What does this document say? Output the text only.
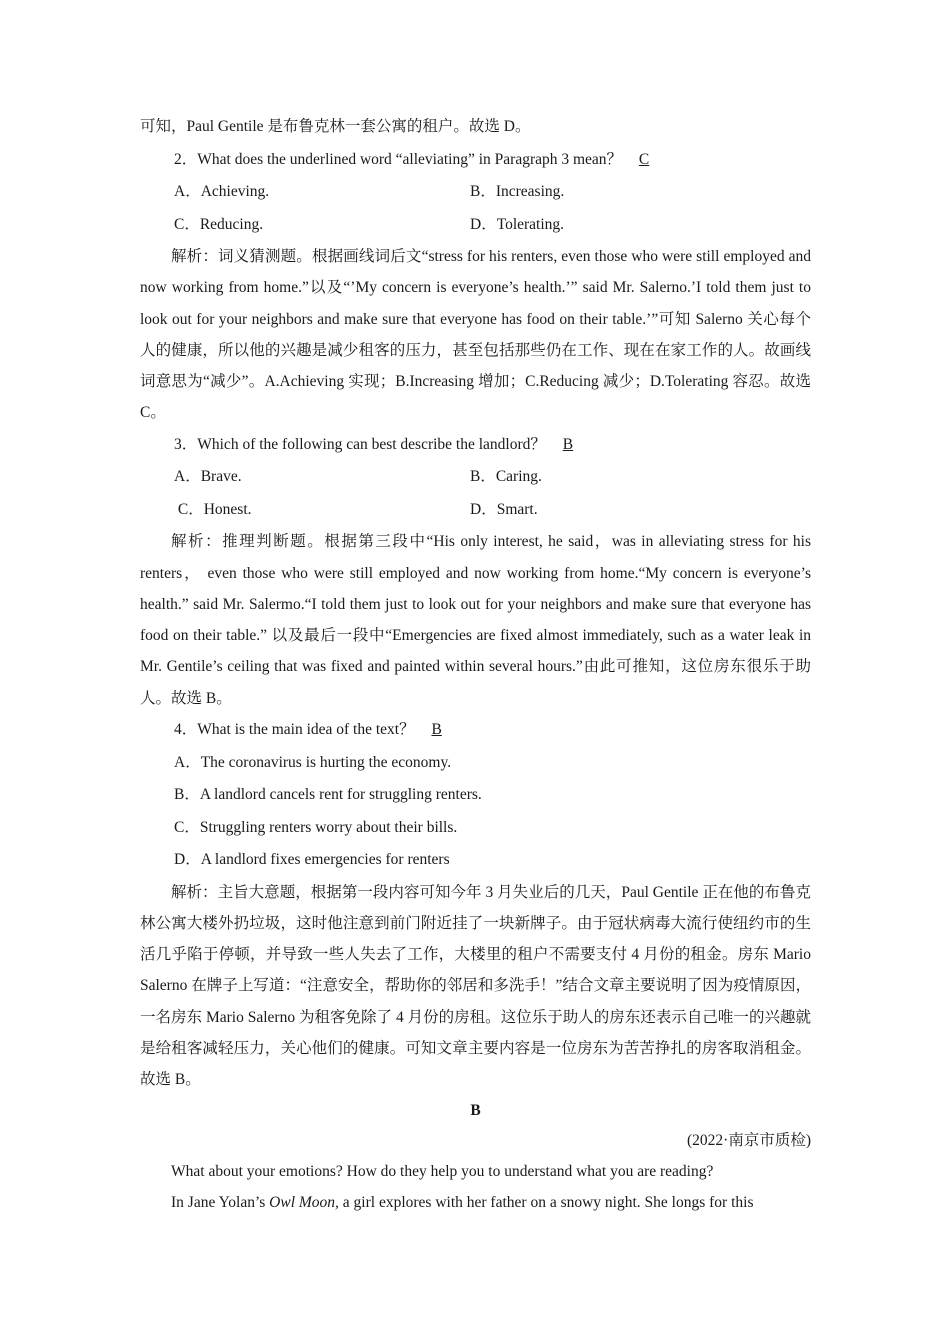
可知，Paul Gentile 是布鲁克林一套公寓的租户。故选 D。
2．What does the underlined word “alleviating” in Paragraph 3 mean？ C
A．Achieving.	B．Increasing.
C．Reducing.	D．Tolerating.

解析：词义猜测题。根据画线词后文“stress for his renters, even those who were still employed and now working from home.”以及“’My concern is everyone’s health.’” said Mr. Salerno.’I told them just to look out for your neighbors and make sure that everyone has food on their table.’”可知 Salerno 关心每个人的健康，所以他的兴趣是减少租客的压力，甚至包括那些仍在工作、现在在家工作的人。故画线词意思为“减少”。A.Achieving 实现；B.Increasing 增加；C.Reducing 减少；D.Tolerating 容忍。故选 C。

3．Which of the following can best describe the landlord？ B
A．Brave.	B．Caring.
C．Honest.	D．Smart.

解析：推理判断题。根据第三段中“His only interest, he said，was in alleviating stress for his renters， even those who were still employed and now working from home.“My concern is everyone’s health.” said Mr. Salermo.“I told them just to look out for your neighbors and make sure that everyone has food on their table.” 以及最后一段中“Emergencies are fixed almost immediately, such as a water leak in Mr. Gentile’s ceiling that was fixed and painted within several hours.”由此可推知，这位房东很乐于助人。故选 B。

4．What is the main idea of the text？ B
A．The coronavirus is hurting the economy.
B．A landlord cancels rent for struggling renters.
C．Struggling renters worry about their bills.
D．A landlord fixes emergencies for renters

解析：主旨大意题，根据第一段内容可知今年 3 月失业后的几天，Paul Gentile 正在他的布鲁克林公寓大楼外扔垃圾，这时他注意到前门附近挂了一块新牌子。由于冠状病毒大流行使纽约市的生活几乎陷于停顿，并导致一些人失去了工作，大楼里的租户不需要支付 4 月份的租金。房东 Mario Salerno 在牌子上写道：“注意安全，帮助你的邻居和多洗手！”结合文章主要说明了因为疫情原因，一名房东 Mario Salerno 为租客免除了 4 月份的房租。这位乐于助人的房东还表示自己唯一的兴趣就是给租客减轻压力，关心他们的健康。可知文章主要内容是一位房东为苦苦挣扎的房客取消租金。故选 B。

B
(2022·南京市质检)

What about your emotions? How do they help you to understand what you are reading?

In Jane Yolan’s Owl Moon, a girl explores with her father on a snowy night. She longs for this
